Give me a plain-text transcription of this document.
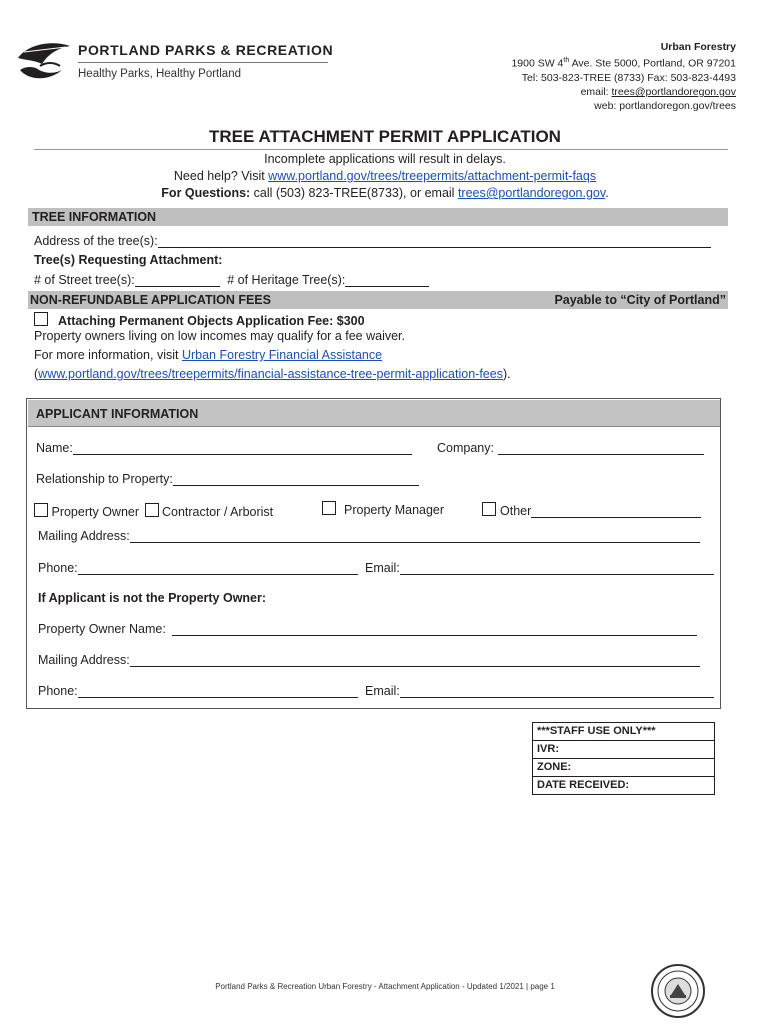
PORTLAND PARKS & RECREATION
Healthy Parks, Healthy Portland
Urban Forestry
1900 SW 4th Ave. Ste 5000, Portland, OR 97201
Tel: 503-823-TREE (8733) Fax: 503-823-4493
email: trees@portlandoregon.gov
web: portlandoregon.gov/trees
TREE ATTACHMENT PERMIT APPLICATION
Incomplete applications will result in delays.
Need help? Visit www.portland.gov/trees/treepermits/attachment-permit-faqs
For Questions: call (503) 823-TREE(8733), or email trees@portlandoregon.gov.
TREE INFORMATION
Address of the tree(s):
Tree(s) Requesting Attachment:
# of Street tree(s):	# of Heritage Tree(s):
NON-REFUNDABLE APPLICATION FEES	Payable to “City of Portland”
Attaching Permanent Objects Application Fee: $300
Property owners living on low incomes may qualify for a fee waiver.
For more information, visit Urban Forestry Financial Assistance
(www.portland.gov/trees/treepermits/financial-assistance-tree-permit-application-fees).
APPLICANT INFORMATION
Name:	Company:
Relationship to Property:
Property Owner Contractor / Arborist	Property Manager	Other
Mailing Address:
Phone:	Email:
If Applicant is not the Property Owner:
Property Owner Name:
Mailing Address:
Phone:	Email:
***STAFF USE ONLY***
IVR:
ZONE:
DATE RECEIVED:
Portland Parks & Recreation Urban Forestry - Attachment Application - Updated 1/2021 | page 1
